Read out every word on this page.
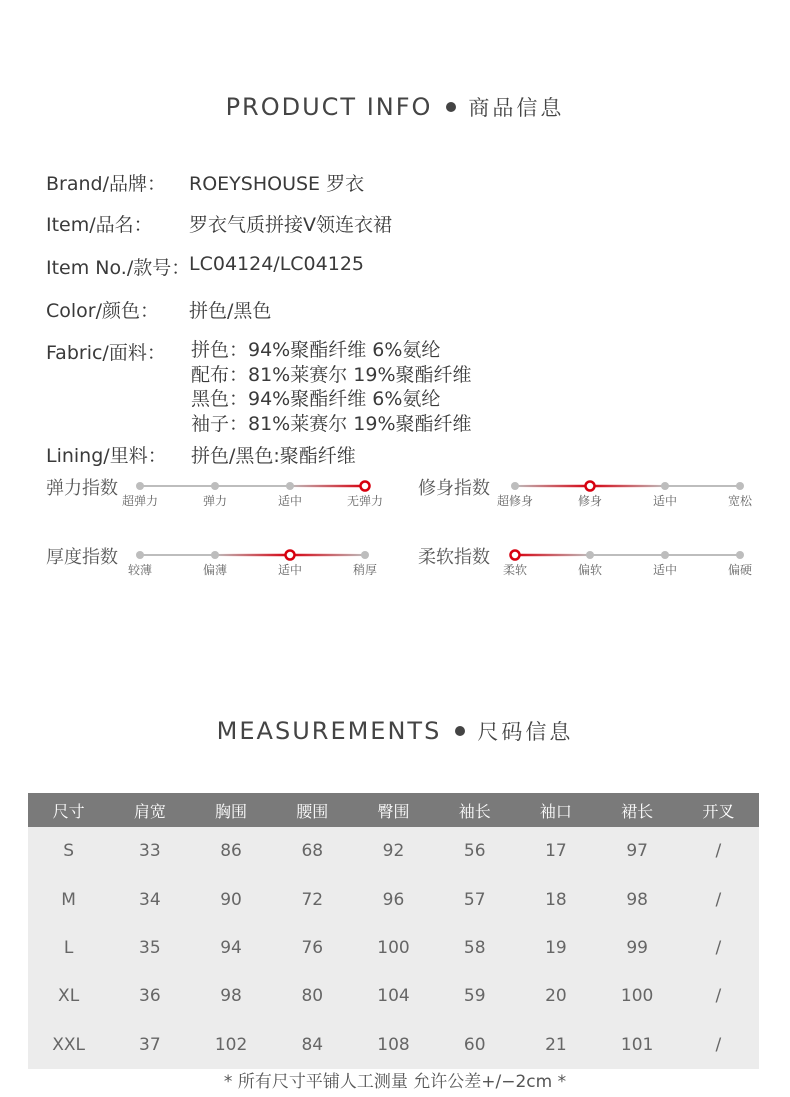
PRODUCT INFO 商品信息
Brand/品牌： ROEYSHOUSE 罗衣
Item/品名： 罗衣气质拼接V领连衣裙
Item No./款号：
LC04124/LC04125
Color/颜色： 拼色/黑色
Fabric/面料： 拼色：94%聚酯纤维 6%氨纶
配布：81%莱赛尔 19%聚酯纤维
黑色：94%聚酯纤维 6%氨纶
袖子：81%莱赛尔 19%聚酯纤维
Lining/里料： 拼色/黑色:聚酯纤维
弹力指数
超弹力	弹力	适中	无弹力
修身指数
超修身	修身	适中	宽松
厚度指数
较薄	偏薄	适中	稍厚
柔软指数
柔软	偏软	适中	偏硬
MEASUREMENTS 尺码信息
尺寸	肩宽	胸围	腰围	臀围	袖长	袖口	裙长	开叉
S	33	86	68	92	56	17	97	/
M	34	90	72	96	57	18	98	/
L	35	94	76	100	58	19	99	/
XL	36	98	80	104	59	20	100	/
XXL	37	102	84	108	60	21	101	/
* 所有尺寸平铺人工测量 允许公差+/−2cm *
